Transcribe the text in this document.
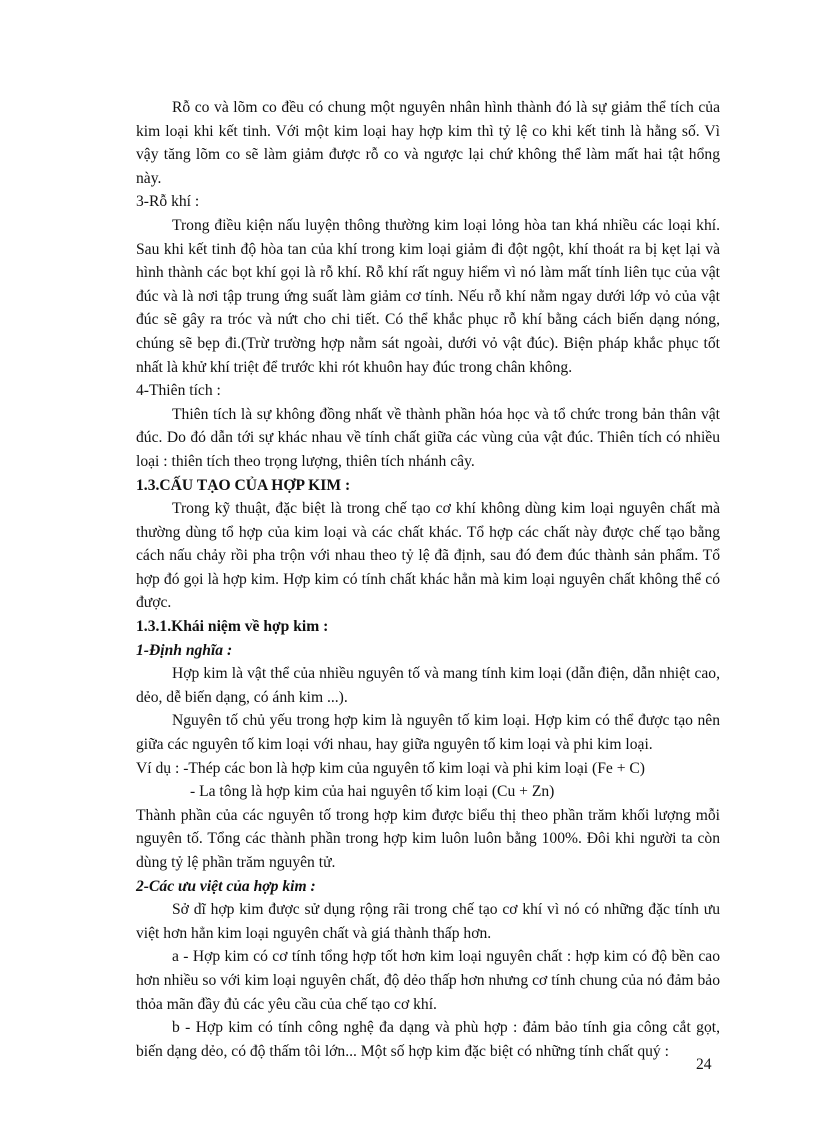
Rỗ co và lõm co đều có chung một nguyên nhân hình thành đó là sự giảm thể tích của kim loại khi kết tinh. Với một kim loại hay hợp kim thì tỷ lệ co khi kết tinh là hằng số. Vì vậy tăng lõm co sẽ làm giảm được rỗ co và ngược lại chứ không thể làm mất hai tật hổng này.

3-Rỗ khí :

Trong điều kiện nấu luyện thông thường kim loại lỏng hòa tan khá nhiều các loại khí. Sau khi kết tinh độ hòa tan của khí trong kim loại giảm đi đột ngột, khí thoát ra bị kẹt lại và hình thành các bọt khí gọi là rỗ khí. Rỗ khí rất nguy hiểm vì nó làm mất tính liên tục của vật đúc và là nơi tập trung ứng suất làm giảm cơ tính. Nếu rỗ khí nằm ngay dưới lớp vỏ của vật đúc sẽ gây ra tróc và nứt cho chi tiết. Có thể khắc phục rỗ khí bằng cách biến dạng nóng, chúng sẽ bẹp đi.(Trừ trường hợp nằm sát ngoài, dưới vỏ vật đúc). Biện pháp khắc phục tốt nhất là khử khí triệt để trước khi rót khuôn hay đúc trong chân không.

4-Thiên tích :

Thiên tích là sự không đồng nhất về thành phần hóa học và tổ chức trong bản thân vật đúc. Do đó dẫn tới sự khác nhau về tính chất giữa các vùng của vật đúc. Thiên tích có nhiều loại : thiên tích theo trọng lượng, thiên tích nhánh cây.

1.3.CẤU TẠO CỦA HỢP KIM :

Trong kỹ thuật, đặc biệt là trong chế tạo cơ khí không dùng kim loại nguyên chất mà thường dùng tổ hợp của kim loại và các chất khác. Tổ hợp các chất này được chế tạo bằng cách nấu chảy rồi pha trộn với nhau theo tỷ lệ đã định, sau đó đem đúc thành sản phẩm. Tổ hợp đó gọi là hợp kim. Hợp kim có tính chất khác hẳn mà kim loại nguyên chất không thể có được.

1.3.1.Khái niệm về hợp kim :

1-Định nghĩa :

Hợp kim là vật thể của nhiều nguyên tố và mang tính kim loại (dẫn điện, dẫn nhiệt cao, dẻo, dễ biến dạng, có ánh kim ...).

Nguyên tố chủ yếu trong hợp kim là nguyên tố kim loại. Hợp kim có thể được tạo nên giữa các nguyên tố kim loại với nhau, hay giữa nguyên tố kim loại và phi kim loại.

Ví dụ : -Thép các bon là hợp kim của nguyên tố kim loại và phi kim loại (Fe + C)

- La tông là hợp kim của hai nguyên tố kim loại (Cu + Zn)

Thành phần của các nguyên tố trong hợp kim được biểu thị theo phần trăm khối lượng mỗi nguyên tố. Tổng các thành phần trong hợp kim luôn luôn bằng 100%. Đôi khi người ta còn dùng tỷ lệ phần trăm nguyên tử.

2-Các ưu việt của hợp kim :

Sở dĩ hợp kim được sử dụng rộng rãi trong chế tạo cơ khí vì nó có những đặc tính ưu việt hơn hẳn kim loại nguyên chất và giá thành thấp hơn.

a - Hợp kim có cơ tính tổng hợp tốt hơn kim loại nguyên chất : hợp kim có độ bền cao hơn nhiều so với kim loại nguyên chất, độ dẻo thấp hơn nhưng cơ tính chung của nó đảm bảo thỏa mãn đầy đủ các yêu cầu của chế tạo cơ khí.

b - Hợp kim có tính công nghệ đa dạng và phù hợp : đảm bảo tính gia công cắt gọt, biến dạng dẻo, có độ thấm tôi lớn... Một số hợp kim đặc biệt có những tính chất quý :

24
